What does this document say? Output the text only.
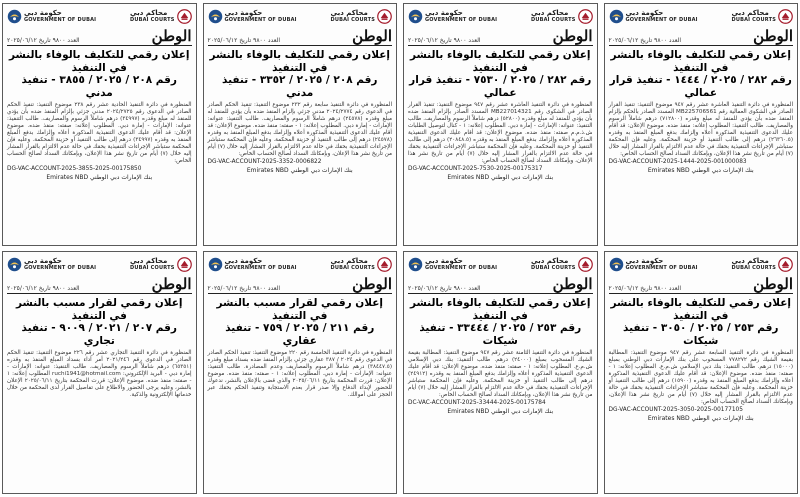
محاكم دبي
DUBAI COURTS
حكومة دبي
GOVERNMENT OF DUBAI
الوطن
العدد ٩٨٠٠ تاريخ ٢٠٢٥/٠٦/١٢
إعلان رقمي للتكليف بالوفاء بالنشر في التنفيذ
رقم ٢٨٢ / ٢٠٢٥ / ١٤٤٤ - تنفيذ قرار عمالي

المنظورة في دائرة التنفيذ العاشرة عشر رقم ٩٤٧ موضوع التنفيذ: تنفيذ القرار الصادر في الشكوى العمالية رقم MB225706561 المسدد الصادر بالحكم بإلزام المنفذ ضده بأن يؤدي للمنفذ له مبلغ وقدره (٧١٢٨٠٠) درهم شاملاً الرسوم والمصاريف. طالب التنفيذ: المطلوب إعلانه: منفذ ضده. موضوع الإعلان: قد أقام عليك الدعوى التنفيذية المذكورة أعلاه وإلزامك بدفع المبلغ المنفذ به وقدره (٢٦٣٦٠.٥) درهم إلى طالب التنفيذ أو خزينة المحكمة. وعليه فإن المحكمة ستباشر الإجراءات التنفيذية بحقك في حالة عدم الالتزام بالقرار المشار إليه خلال (٧) أيام من تاريخ نشر هذا الإعلان، وبإمكانك السداد لصالح الحساب الخاص:

DG-VAC-ACCOUNT-2025-1444-2025-001000083
بنك الإمارات دبي الوطني Emirates NBD
محاكم دبي
DUBAI COURTS
حكومة دبي
GOVERNMENT OF DUBAI
الوطن
العدد ٩٨٠٠ تاريخ ٢٠٢٥/٠٦/١٢
إعلان رقمي للتكليف بالوفاء بالنشر في التنفيذ
رقم ٢٨٢ / ٢٠٢٥ / ٧٥٣٠ - تنفيذ قرار عمالي

المنظورة في دائرة التنفيذ العاشرة عشر رقم ٩٤٧ موضوع التنفيذ: تنفيذ القرار الصادر في الشكوى رقم MB227014321 المسدد الصادر بإلزام المنفذ ضده بأن يؤدي للمنفذ له مبلغ وقدره (٥٢٨٠٠) درهم شاملاً الرسوم والمصاريف. طالب التنفيذ: عنوانه: الإمارات - إمارة دبي. المطلوب إعلانه: ١ - كنال لتوصيل الطلبات ش.ذ.م.م صفته: منفذ ضده. موضوع الإعلان: قد أقام عليك الدعوى التنفيذية المذكورة أعلاه وإلزامك بدفع المبلغ المنفذ به وقدره (٢٠٨٤٨.٥) درهم إلى طالب التنفيذ أو خزينة المحكمة. وعليه فإن المحكمة ستباشر الإجراءات التنفيذية بحقك في حالة عدم الالتزام بالقرار المشار إليه خلال (٧) أيام من تاريخ نشر هذا الإعلان، وبإمكانك السداد لصالح الحساب الخاص:

DG-VAC-ACCOUNT-2025-7530-2025-00175317
بنك الإمارات دبي الوطني Emirates NBD
محاكم دبي
DUBAI COURTS
حكومة دبي
GOVERNMENT OF DUBAI
الوطن
العدد ٩٨٠٠ تاريخ ٢٠٢٥/٠٦/١٢
إعلان رقمي للتكليف بالوفاء بالنشر في التنفيذ
رقم ٢٠٨ / ٢٠٢٥ / ٣٣٥٢ - تنفيذ مدني

المنظورة في دائرة التنفيذ سابعة رقم ٢٣٢ موضوع التنفيذ: تنفيذ الحكم الصادر في الدعوى رقم ٢٠٢٤/٢٧٧٤ مدني جزئي بإلزام المنفذ ضده بأن يؤدي للمنفذ له مبلغ وقدره (٢٤٥٧٨) درهم شاملاً الرسوم والمصاريف. طالب التنفيذ: عنوانه: الإمارات - إمارة دبي. المطلوب إعلانه: ١ - صفته: منفذ ضده. موضوع الإعلان: قد أقام عليك الدعوى التنفيذية المذكورة أعلاه وإلزامك بدفع المبلغ المنفذ به وقدره (٢٤٥٧٨) درهم إلى طالب التنفيذ أو خزينة المحكمة. وعليه فإن المحكمة ستباشر الإجراءات التنفيذية بحقك في حالة عدم الالتزام بالقرار المشار إليه خلال (٧) أيام من تاريخ نشر هذا الإعلان، وبإمكانك السداد لصالح الحساب الخاص:

DG-VAC-ACCOUNT-2025-3352-0006822
بنك الإمارات دبي الوطني Emirates NBD
محاكم دبي
DUBAI COURTS
حكومة دبي
GOVERNMENT OF DUBAI
الوطن
العدد ٩٨٠٠ تاريخ ٢٠٢٥/٠٦/١٢
إعلان رقمي للتكليف بالوفاء بالنشر في التنفيذ
رقم ٢٠٨ / ٢٠٢٥ / ٣٨٥٥ - تنفيذ مدني

المنظورة في دائرة التنفيذ الحادية عشر رقم ٢٣٨ موضوع التنفيذ: تنفيذ الحكم الصادر في الدعوى رقم ٢٠٢٤/٢٧٢٥ مدني جزئي بإلزام المنفذ ضده بأن يؤدي للمنفذ له مبلغ وقدره (٣٤٩٩٧) درهم شاملاً الرسوم والمصاريف. طالب التنفيذ: عنوانه: الإمارات - إمارة دبي. المطلوب إعلانه: صفته: منفذ ضده. موضوع الإعلان: قد أقام عليك الدعوى التنفيذية المذكورة أعلاه وإلزامك بدفع المبلغ المنفذ به وقدره (٣٤٩٩٧) درهم إلى طالب التنفيذ أو خزينة المحكمة. وعليه فإن المحكمة ستباشر الإجراءات التنفيذية بحقك في حالة عدم الالتزام بالقرار المشار إليه خلال (٧) أيام من تاريخ نشر هذا الإعلان، وبإمكانك السداد لصالح الحساب الخاص:

DG-VAC-ACCOUNT-2025-3855-2025-00175850
بنك الإمارات دبي الوطني Emirates NBD
محاكم دبي
DUBAI COURTS
حكومة دبي
GOVERNMENT OF DUBAI
الوطن
العدد ٩٨٠٠ تاريخ ٢٠٢٥/٠٦/١٢
إعلان رقمي للتكليف بالوفاء بالنشر في التنفيذ
رقم ٢٥٣ / ٢٠٢٥ / ٣٠٥٠ - تنفيذ شيكات

المنظورة في دائرة التنفيذ السابعة عشر رقم ٩٤٧ موضوع التنفيذ: المطالبة بقيمة الشيك رقم ٧٧٨٢٧٢ المسحوب على بنك الإمارات دبي الوطني بمبلغ (١٥٠٠٠) درهم. طالب التنفيذ: بنك دبي الإسلامي ش.م.ع. المطلوب إعلانه: ١ - صفته: منفذ ضده. موضوع الإعلان: قد أقام عليك الدعوى التنفيذية المذكورة أعلاه وإلزامك بدفع المبلغ المنفذ به وقدره (١٥٩٠٠) درهم إلى طالب التنفيذ أو خزينة المحكمة. وعليه فإن المحكمة ستباشر الإجراءات التنفيذية بحقك في حالة عدم الالتزام بالقرار المشار إليه خلال (٧) أيام من تاريخ نشر هذا الإعلان، وبإمكانك السداد لصالح الحساب الخاص:

DG-VAC-ACCOUNT-2025-3050-2025-00177105
بنك الإمارات دبي الوطني Emirates NBD
محاكم دبي
DUBAI COURTS
حكومة دبي
GOVERNMENT OF DUBAI
الوطن
العدد ٩٨٠٠ تاريخ ٢٠٢٥/٠٦/١٢
إعلان رقمي للتكليف بالوفاء بالنشر في التنفيذ
رقم ٢٥٣ / ٢٠٢٥ / ٣٣٤٤٤ - تنفيذ شيكات

المنظورة في دائرة التنفيذ الثامنة عشر رقم ٩٤٧ موضوع التنفيذ: المطالبة بقيمة الشيك المسحوب بمبلغ (٢٤٠٠٠) درهم. طالب التنفيذ: بنك دبي الإسلامي ش.م.ع. المطلوب إعلانه: ١ - صفته: منفذ ضده. موضوع الإعلان: قد أقام عليك الدعوى التنفيذية المذكورة أعلاه وإلزامك بدفع المبلغ المنفذ به وقدره (٢٤٩١٢) درهم إلى طالب التنفيذ أو خزينة المحكمة. وعليه فإن المحكمة ستباشر الإجراءات التنفيذية بحقك في حالة عدم الالتزام بالقرار المشار إليه خلال (٧) أيام من تاريخ نشر هذا الإعلان، وبإمكانك السداد لصالح الحساب الخاص:

DC-VAC-ACCOUNT-2025-33444-2025-00175784
بنك الإمارات دبي الوطني Emirates NBD
محاكم دبي
DUBAI COURTS
حكومة دبي
GOVERNMENT OF DUBAI
الوطن
العدد ٩٨٠٠ تاريخ ٢٠٢٥/٠٦/١٢
إعلان رقمي لقرار مسبب بالنشر في التنفيذ
رقم ٢١١ / ٢٠٢٥ / ٧٥٩ - تنفيذ عقاري

المنظورة في دائرة التنفيذ الخامسة رقم ٢٢٠ موضوع التنفيذ: تنفيذ الحكم الصادر في الدعوى رقم ٢٠٢٤ / ٣٨٧ عقاري جزئي بإلزام المنفذ ضده بسداد مبلغ وقدره (٣٨٤٤٧.٥) درهم شاملاً الرسوم والمصاريف وعدم المصادرة. طالب التنفيذ: عنوانه: الإمارات - إمارة دبي. المطلوب إعلانه: ١ - صفته: منفذ ضده. موضوع الإعلان: قررت المحكمة بتاريخ ٢٠٢٥/٠٦/١١ والذي قضى بالإعلان بالنشر، ندعوك للحضور لإبداء الدفاع وإلا صدر قرار بعدم الاستجابة وتنفيذ الحكم بحقك عبر الحجز على أموالك.

محاكم دبي
DUBAI COURTS
حكومة دبي
GOVERNMENT OF DUBAI
الوطن
العدد ٩٨٠٠ تاريخ ٢٠٢٥/٠٦/١٢
إعلان رقمي لقرار مسبب بالنشر في التنفيذ
رقم ٢٠٧ / ٢٠٢١ / ٩٠٠٩ - تنفيذ تجاري

المنظورة في دائرة التنفيذ التجاري عشر رقم ٢٢٦ موضوع التنفيذ: تنفيذ الحكم الصادر في الدعوى رقم ٢٠٢١/٢٤٦ أمر أداء بسداد المبلغ المنفذ به وقدره (٦٥٣٥١) درهم شاملاً الرسوم والمصاريف. طالب التنفيذ: عنوانه: الإمارات - إمارة دبي - البريد الإلكتروني: ruchi1941@hotmail.com المطلوب إعلانه: ١ - صفته: منفذ ضده. موضوع الإعلان: قررت المحكمة بتاريخ ٢٠٢٥/٠٦/١١ الإعلان بالنشر، وعليه يرجى الحضور والاطلاع على تفاصيل القرار لدى المحكمة من خلال خدماتها الإلكترونية والذكية.
